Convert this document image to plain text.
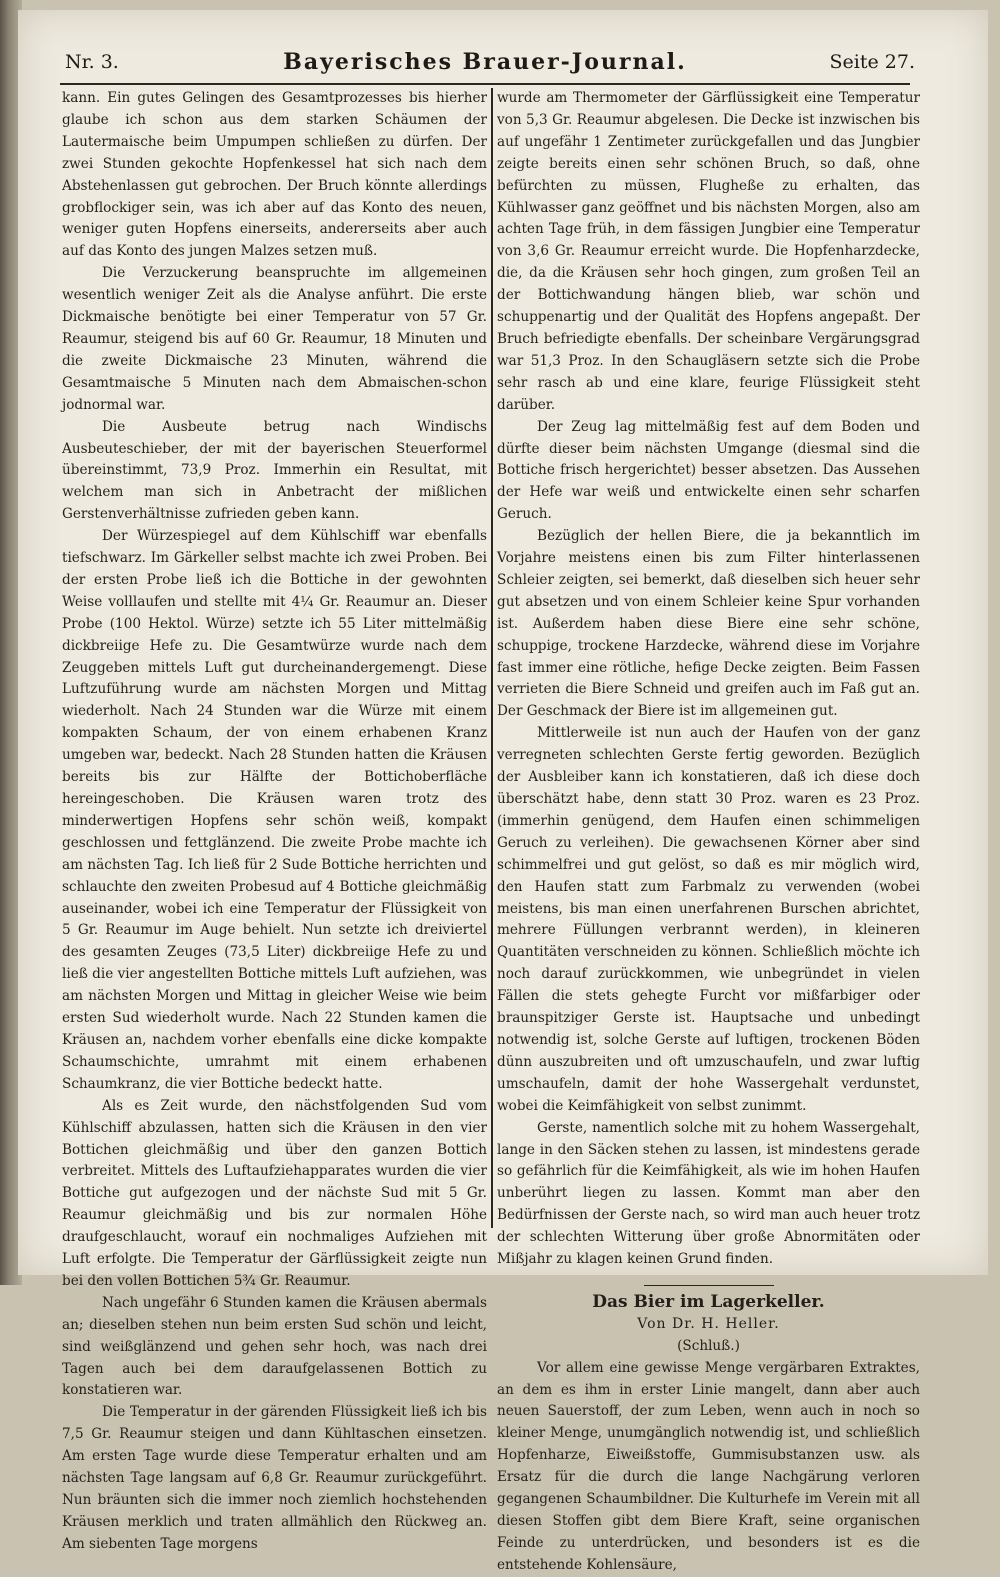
Nr. 3.	Bayerisches Brauer-Journal.	Seite 27.

kann. Ein gutes Gelingen des Gesamtprozesses bis hierher glaube ich schon aus dem starken Schäumen der Lautermaische beim Umpumpen schließen zu dürfen. Der zwei Stunden gekochte Hopfenkessel hat sich nach dem Abstehenlassen gut gebrochen. Der Bruch könnte allerdings grobflockiger sein, was ich aber auf das Konto des neuen, weniger guten Hopfens einerseits, andererseits aber auch auf das Konto des jungen Malzes setzen muß.

Die Verzuckerung beanspruchte im allgemeinen wesentlich weniger Zeit als die Analyse anführt. Die erste Dickmaische benötigte bei einer Temperatur von 57 Gr. Reaumur, steigend bis auf 60 Gr. Reaumur, 18 Minuten und die zweite Dickmaische 23 Minuten, während die Gesamtmaische 5 Minuten nach dem Abmaischen-schon jodnormal war.

Die Ausbeute betrug nach Windischs Ausbeuteschieber, der mit der bayerischen Steuerformel übereinstimmt, 73,9 Proz. Immerhin ein Resultat, mit welchem man sich in Anbetracht der mißlichen Gerstenverhältnisse zufrieden geben kann.

Der Würzespiegel auf dem Kühlschiff war ebenfalls tiefschwarz. Im Gärkeller selbst machte ich zwei Proben. Bei der ersten Probe ließ ich die Bottiche in der gewohnten Weise volllaufen und stellte mit 4¼ Gr. Reaumur an. Dieser Probe (100 Hektol. Würze) setzte ich 55 Liter mittelmäßig dickbreiige Hefe zu. Die Gesamtwürze wurde nach dem Zeuggeben mittels Luft gut durcheinandergemengt. Diese Luftzuführung wurde am nächsten Morgen und Mittag wiederholt. Nach 24 Stunden war die Würze mit einem kompakten Schaum, der von einem erhabenen Kranz umgeben war, bedeckt. Nach 28 Stunden hatten die Kräusen bereits bis zur Hälfte der Bottichoberfläche hereingeschoben. Die Kräusen waren trotz des minderwertigen Hopfens sehr schön weiß, kompakt geschlossen und fettglänzend. Die zweite Probe machte ich am nächsten Tag. Ich ließ für 2 Sude Bottiche herrichten und schlauchte den zweiten Probesud auf 4 Bottiche gleichmäßig auseinander, wobei ich eine Temperatur der Flüssigkeit von 5 Gr. Reaumur im Auge behielt. Nun setzte ich dreiviertel des gesamten Zeuges (73,5 Liter) dickbreiige Hefe zu und ließ die vier angestellten Bottiche mittels Luft aufziehen, was am nächsten Morgen und Mittag in gleicher Weise wie beim ersten Sud wiederholt wurde. Nach 22 Stunden kamen die Kräusen an, nachdem vorher ebenfalls eine dicke kompakte Schaumschichte, umrahmt mit einem erhabenen Schaumkranz, die vier Bottiche bedeckt hatte.

Als es Zeit wurde, den nächstfolgenden Sud vom Kühlschiff abzulassen, hatten sich die Kräusen in den vier Bottichen gleichmäßig und über den ganzen Bottich verbreitet. Mittels des Luftaufziehapparates wurden die vier Bottiche gut aufgezogen und der nächste Sud mit 5 Gr. Reaumur gleichmäßig und bis zur normalen Höhe draufgeschlaucht, worauf ein nochmaliges Aufziehen mit Luft erfolgte. Die Temperatur der Gärflüssigkeit zeigte nun bei den vollen Bottichen 5¾ Gr. Reaumur.

Nach ungefähr 6 Stunden kamen die Kräusen abermals an; dieselben stehen nun beim ersten Sud schön und leicht, sind weißglänzend und gehen sehr hoch, was nach drei Tagen auch bei dem daraufgelassenen Bottich zu konstatieren war.

Die Temperatur in der gärenden Flüssigkeit ließ ich bis 7,5 Gr. Reaumur steigen und dann Kühltaschen einsetzen. Am ersten Tage wurde diese Temperatur erhalten und am nächsten Tage langsam auf 6,8 Gr. Reaumur zurückgeführt. Nun bräunten sich die immer noch ziemlich hochstehenden Kräusen merklich und traten allmählich den Rückweg an. Am siebenten Tage morgens

wurde am Thermometer der Gärflüssigkeit eine Temperatur von 5,3 Gr. Reaumur abgelesen. Die Decke ist inzwischen bis auf ungefähr 1 Zentimeter zurückgefallen und das Jungbier zeigte bereits einen sehr schönen Bruch, so daß, ohne befürchten zu müssen, Flugheße zu erhalten, das Kühlwasser ganz geöffnet und bis nächsten Morgen, also am achten Tage früh, in dem fässigen Jungbier eine Temperatur von 3,6 Gr. Reaumur erreicht wurde. Die Hopfenharzdecke, die, da die Kräusen sehr hoch gingen, zum großen Teil an der Bottichwandung hängen blieb, war schön und schuppenartig und der Qualität des Hopfens angepaßt. Der Bruch befriedigte ebenfalls. Der scheinbare Vergärungsgrad war 51,3 Proz. In den Schaugläsern setzte sich die Probe sehr rasch ab und eine klare, feurige Flüssigkeit steht darüber.

Der Zeug lag mittelmäßig fest auf dem Boden und dürfte dieser beim nächsten Umgange (diesmal sind die Bottiche frisch hergerichtet) besser absetzen. Das Aussehen der Hefe war weiß und entwickelte einen sehr scharfen Geruch.

Bezüglich der hellen Biere, die ja bekanntlich im Vorjahre meistens einen bis zum Filter hinterlassenen Schleier zeigten, sei bemerkt, daß dieselben sich heuer sehr gut absetzen und von einem Schleier keine Spur vorhanden ist. Außerdem haben diese Biere eine sehr schöne, schuppige, trockene Harzdecke, während diese im Vorjahre fast immer eine rötliche, hefige Decke zeigten. Beim Fassen verrieten die Biere Schneid und greifen auch im Faß gut an. Der Geschmack der Biere ist im allgemeinen gut.

Mittlerweile ist nun auch der Haufen von der ganz verregneten schlechten Gerste fertig geworden. Bezüglich der Ausbleiber kann ich konstatieren, daß ich diese doch überschätzt habe, denn statt 30 Proz. waren es 23 Proz. (immerhin genügend, dem Haufen einen schimmeligen Geruch zu verleihen). Die gewachsenen Körner aber sind schimmelfrei und gut gelöst, so daß es mir möglich wird, den Haufen statt zum Farbmalz zu verwenden (wobei meistens, bis man einen unerfahrenen Burschen abrichtet, mehrere Füllungen verbrannt werden), in kleineren Quantitäten verschneiden zu können. Schließlich möchte ich noch darauf zurückkommen, wie unbegründet in vielen Fällen die stets gehegte Furcht vor mißfarbiger oder braunspitziger Gerste ist. Hauptsache und unbedingt notwendig ist, solche Gerste auf luftigen, trockenen Böden dünn auszubreiten und oft umzuschaufeln, und zwar luftig umschaufeln, damit der hohe Wassergehalt verdunstet, wobei die Keimfähigkeit von selbst zunimmt.

Gerste, namentlich solche mit zu hohem Wassergehalt, lange in den Säcken stehen zu lassen, ist mindestens gerade so gefährlich für die Keimfähigkeit, als wie im hohen Haufen unberührt liegen zu lassen. Kommt man aber den Bedürfnissen der Gerste nach, so wird man auch heuer trotz der schlechten Witterung über große Abnormitäten oder Mißjahr zu klagen keinen Grund finden.

Das Bier im Lagerkeller.
Von Dr. H. Heller.
(Schluß.)

Vor allem eine gewisse Menge vergärbaren Extraktes, an dem es ihm in erster Linie mangelt, dann aber auch neuen Sauerstoff, der zum Leben, wenn auch in noch so kleiner Menge, unumgänglich notwendig ist, und schließlich Hopfenharze, Eiweißstoffe, Gummisubstanzen usw. als Ersatz für die durch die lange Nachgärung verloren gegangenen Schaumbildner. Die Kulturhefe im Verein mit all diesen Stoffen gibt dem Biere Kraft, seine organischen Feinde zu unterdrücken, und besonders ist es die entstehende Kohlensäure,
